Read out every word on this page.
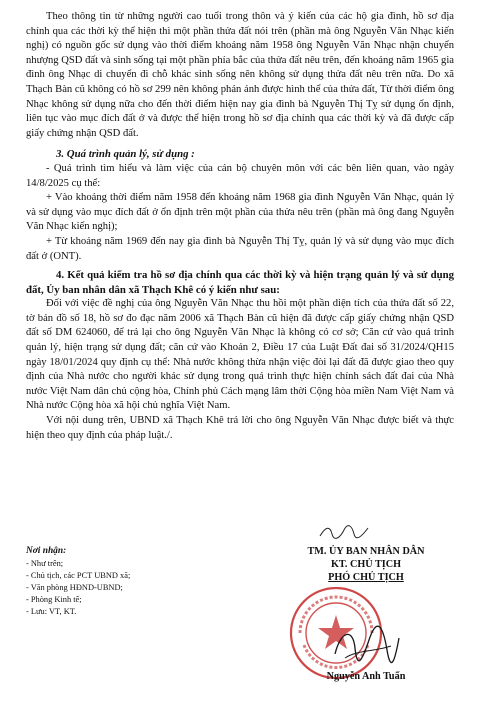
Theo thông tin từ những người cao tuổi trong thôn và ý kiến của các hộ gia đình, hồ sơ địa chính qua các thời kỳ thể hiện thì một phần thửa đất nói trên (phần mà ông Nguyễn Văn Nhạc kiến nghị) có nguồn gốc sử dụng vào thời điểm khoảng năm 1958 ông Nguyễn Văn Nhạc nhận chuyển nhượng QSD đất và sinh sống tại một phần phía bắc của thửa đất nêu trên, đến khoảng năm 1965 gia đình ông Nhạc di chuyển đi chỗ khác sinh sống nên không sử dụng thửa đất nêu trên nữa. Do xã Thạch Bàn cũ không có hồ sơ 299 nên không phản ánh được hình thể của thửa đất, Từ thời điểm ông Nhạc không sử dụng nữa cho đến thời điểm hiện nay gia đình bà Nguyễn Thị Tỵ sử dụng ổn định, liên tục vào mục đích đất ở và được thể hiện trong hồ sơ địa chính qua các thời kỳ và đã được cấp giấy chứng nhận QSD đất.

3. Quá trình quản lý, sử dụng :

- Quá trình tìm hiểu và làm việc của cán bộ chuyên môn với các bên liên quan, vào ngày 14/8/2025 cụ thể:

+ Vào khoảng thời điểm năm 1958 đến khoảng năm 1968 gia đình Nguyễn Văn Nhạc, quản lý và sử dụng vào mục đích đất ở ổn định trên một phần của thửa nêu trên (phần mà ông đang Nguyễn Văn Nhạc kiến nghị);

+ Từ khoảng năm 1969 đến nay gia đình bà Nguyễn Thị Tỵ, quản lý và sử dụng vào mục đích đất ở (ONT).

4. Kết quả kiểm tra hồ sơ địa chính qua các thời kỳ và hiện trạng quản lý và sử dụng đất, Ủy ban nhân dân xã Thạch Khê có ý kiến như sau:

Đối với việc đề nghị của ông Nguyễn Văn Nhạc thu hồi một phần diện tích của thửa đất số 22, tờ bản đồ số 18, hồ sơ đo đạc năm 2006 xã Thạch Bàn cũ hiện đã được cấp giấy chứng nhận QSD đất số DM 624060, để trả lại cho ông Nguyễn Văn Nhạc là không có cơ sở; Căn cứ vào quá trình quản lý, hiện trạng sử dụng đất; căn cứ vào Khoản 2, Điều 17 của Luật Đất đai số 31/2024/QH15 ngày 18/01/2024 quy định cụ thể: Nhà nước không thừa nhận việc đòi lại đất đã được giao theo quy định của Nhà nước cho người khác sử dụng trong quá trình thực hiện chính sách đất đai của Nhà nước Việt Nam dân chủ cộng hòa, Chính phủ Cách mạng lâm thời Cộng hòa miền Nam Việt Nam và Nhà nước Cộng hòa xã hội chủ nghĩa Việt Nam.

Với nội dung trên, UBND xã Thạch Khê trả lời cho ông Nguyễn Văn Nhạc được biết và thực hiện theo quy định của pháp luật./.

Nơi nhận:
- Như trên;
- Chủ tịch, các PCT UBND xã;
- Văn phòng HĐND-UBND;
- Phòng Kinh tế;
- Lưu: VT, KT.
TM. ỦY BAN NHÂN DÂN
KT. CHỦ TỊCH
PHÓ CHỦ TỊCH
Nguyễn Anh Tuấn
